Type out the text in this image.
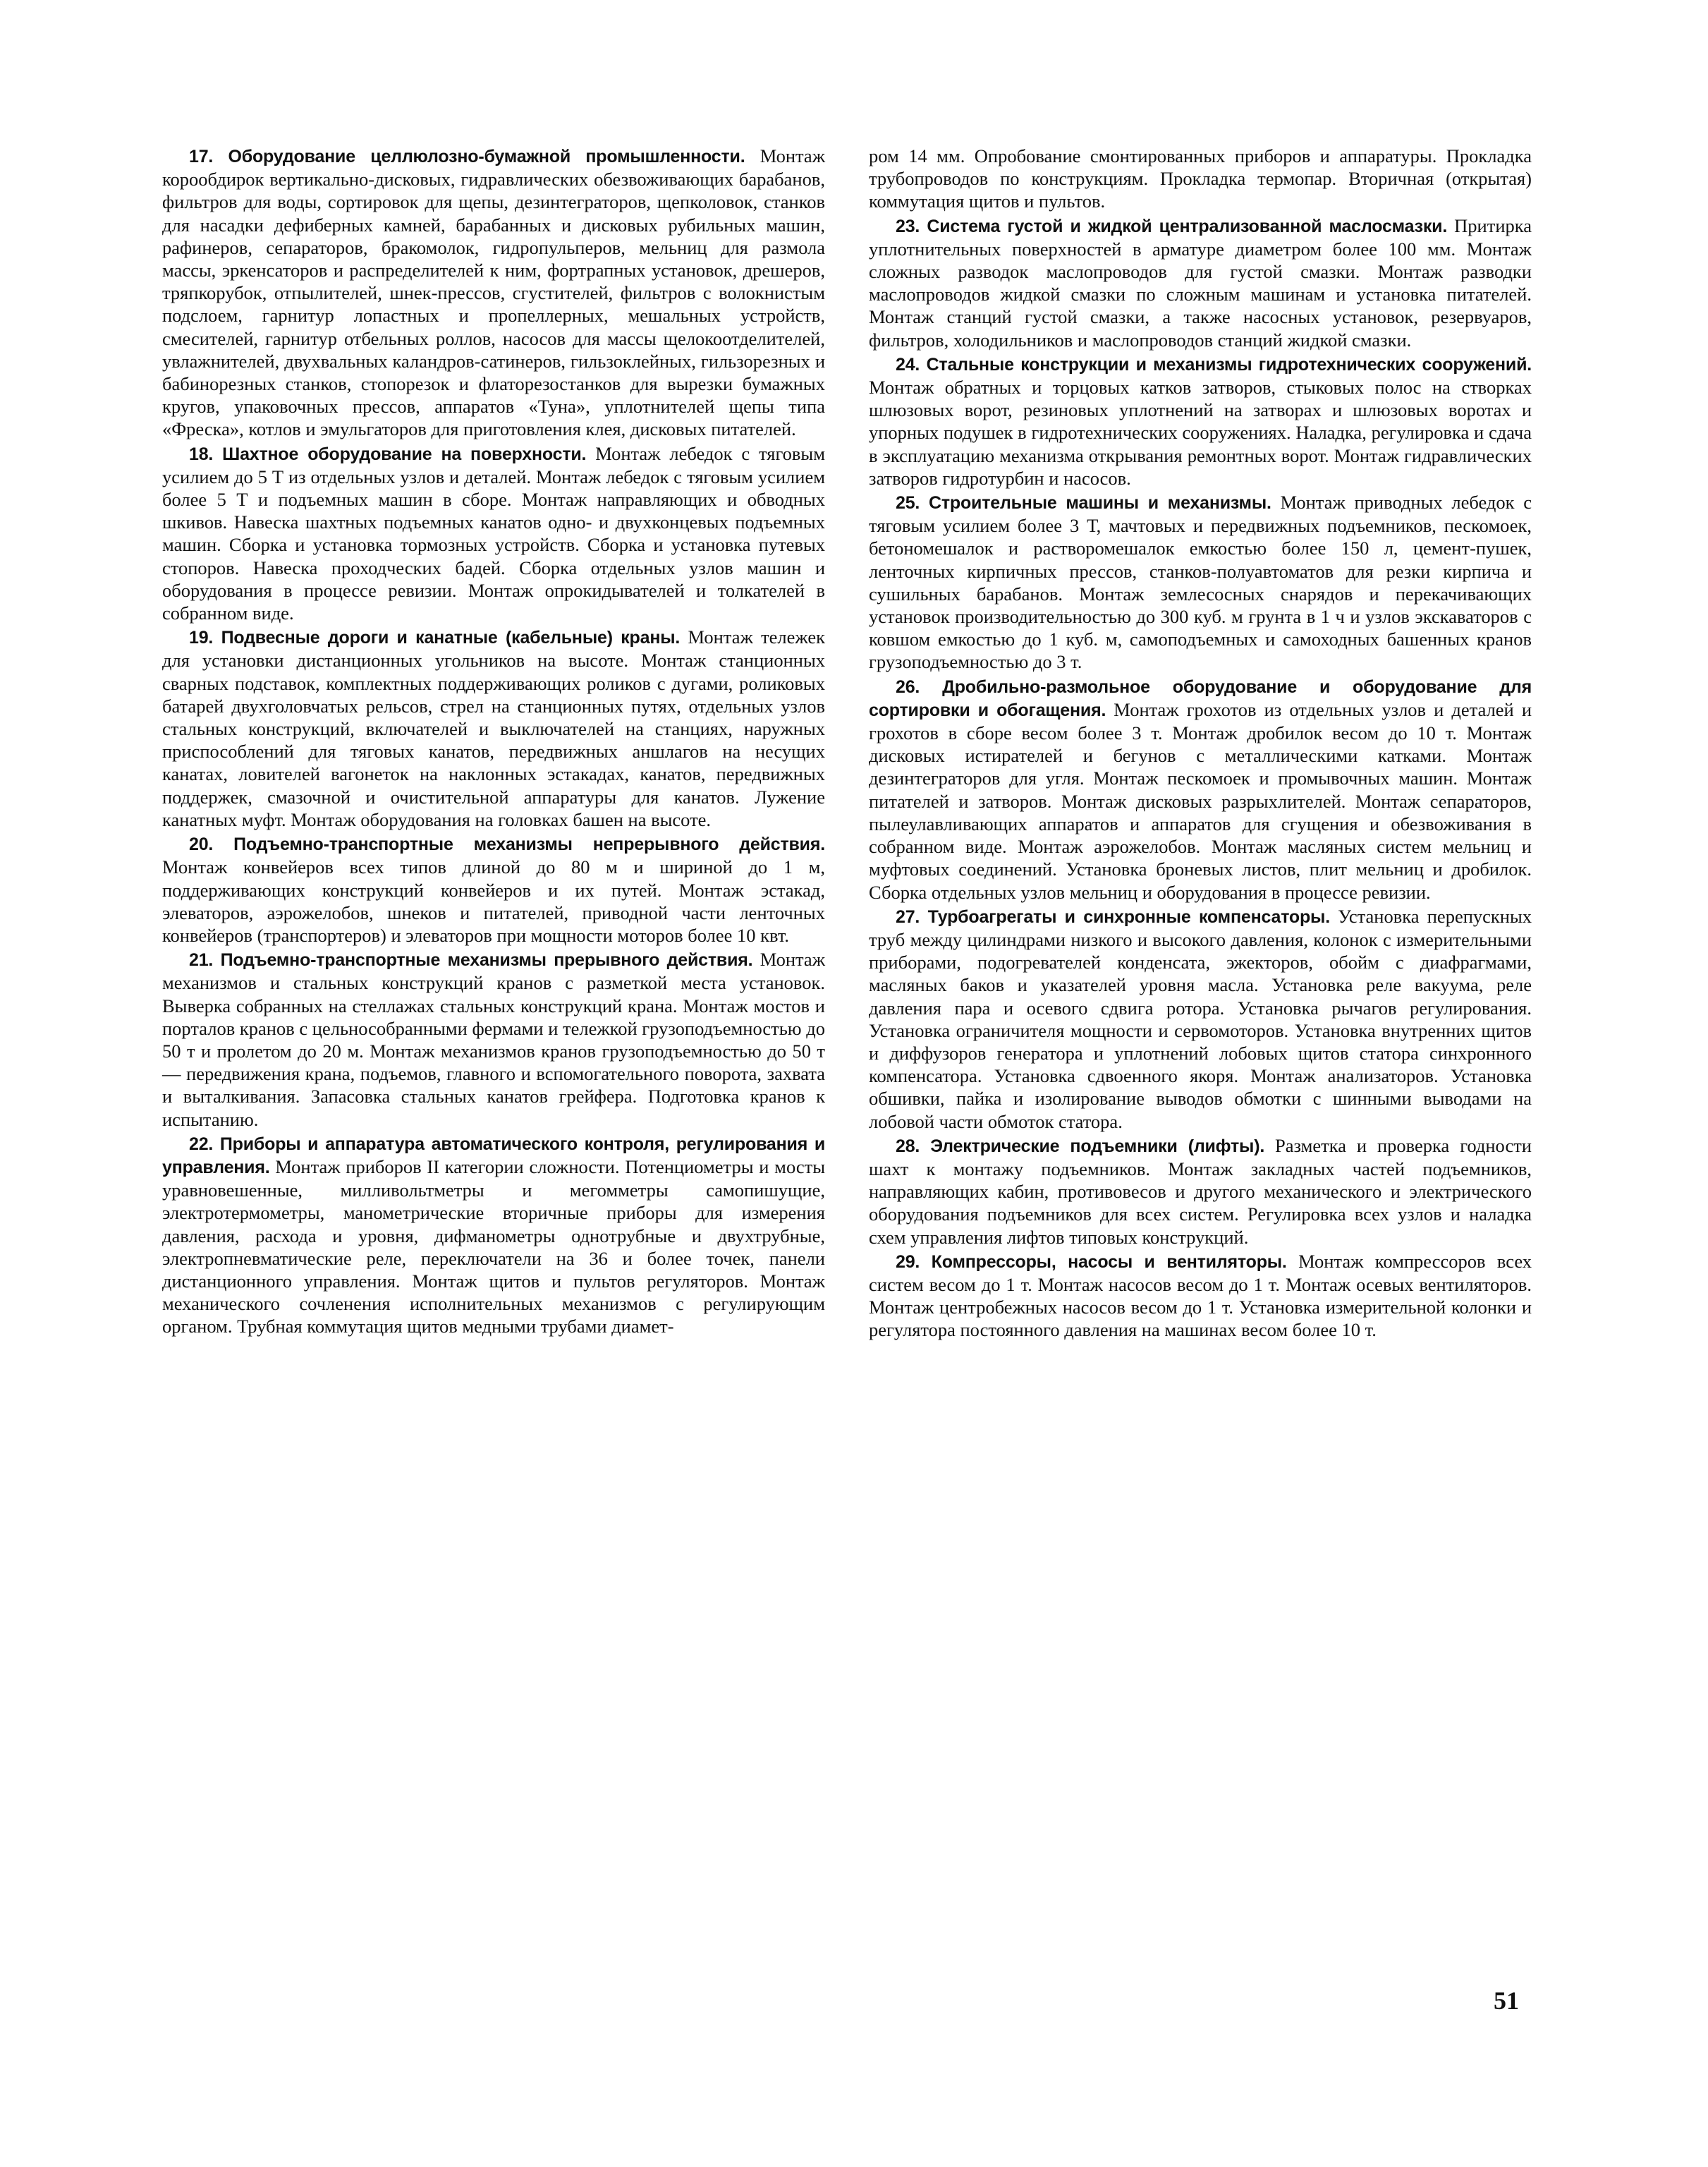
17. Оборудование целлюлозно-бумажной промышленности. Монтаж корообдирок вертикально-дисковых, гидравлических обезвоживающих барабанов, фильтров для воды, сортировок для щепы, дезинтеграторов, щепколовок, станков для насадки дефиберных камней, барабанных и дисковых рубильных машин, рафинеров, сепараторов, бракомолок, гидропульперов, мельниц для размола массы, эркенсаторов и распределителей к ним, фортрапных установок, дрешеров, тряпкорубок, отпылителей, шнек-прессов, сгустителей, фильтров с волокнистым подслоем, гарнитур лопастных и пропеллерных, мешальных устройств, смесителей, гарнитур отбельных роллов, насосов для массы щелокоотделителей, увлажнителей, двухвальных каландров-сатинеров, гильзоклейных, гильзорезных и бабинорезных станков, стопорезок и флаторезостанков для вырезки бумажных кругов, упаковочных прессов, аппаратов «Туна», уплотнителей щепы типа «Фреска», котлов и эмульгаторов для приготовления клея, дисковых питателей.

18. Шахтное оборудование на поверхности. Монтаж лебедок с тяговым усилием до 5 Т из отдельных узлов и деталей. Монтаж лебедок с тяговым усилием более 5 Т и подъемных машин в сборе. Монтаж направляющих и обводных шкивов. Навеска шахтных подъемных канатов одно- и двухконцевых подъемных машин. Сборка и установка тормозных устройств. Сборка и установка путевых стопоров. Навеска проходческих бадей. Сборка отдельных узлов машин и оборудования в процессе ревизии. Монтаж опрокидывателей и толкателей в собранном виде.

19. Подвесные дороги и канатные (кабельные) краны. Монтаж тележек для установки дистанционных угольников на высоте. Монтаж станционных сварных подставок, комплектных поддерживающих роликов с дугами, роликовых батарей двухголовчатых рельсов, стрел на станционных путях, отдельных узлов стальных конструкций, включателей и выключателей на станциях, наружных приспособлений для тяговых канатов, передвижных аншлагов на несущих канатах, ловителей вагонеток на наклонных эстакадах, канатов, передвижных поддержек, смазочной и очистительной аппаратуры для канатов. Лужение канатных муфт. Монтаж оборудования на головках башен на высоте.

20. Подъемно-транспортные механизмы непрерывного действия. Монтаж конвейеров всех типов длиной до 80 м и шириной до 1 м, поддерживающих конструкций конвейеров и их путей. Монтаж эстакад, элеваторов, аэрожелобов, шнеков и питателей, приводной части ленточных конвейеров (транспортеров) и элеваторов при мощности моторов более 10 квт.

21. Подъемно-транспортные механизмы прерывного действия. Монтаж механизмов и стальных конструкций кранов с разметкой места установок. Выверка собранных на стеллажах стальных конструкций крана. Монтаж мостов и порталов кранов с цельнособранными фермами и тележкой грузоподъемностью до 50 т и пролетом до 20 м. Монтаж механизмов кранов грузоподъемностью до 50 т — передвижения крана, подъемов, главного и вспомогательного поворота, захвата и выталкивания. Запасовка стальных канатов грейфера. Подготовка кранов к испытанию.

22. Приборы и аппаратура автоматического контроля, регулирования и управления. Монтаж приборов II категории сложности. Потенциометры и мосты уравновешенные, милливольтметры и мегомметры самопишущие, электротермометры, манометрические вторичные приборы для измерения давления, расхода и уровня, дифманометры однотрубные и двухтрубные, электропневматические реле, переключатели на 36 и более точек, панели дистанционного управления. Монтаж щитов и пультов регуляторов. Монтаж механического сочленения исполнительных механизмов с регулирующим органом. Трубная коммутация щитов медными трубами диамет-

ром 14 мм. Опробование смонтированных приборов и аппаратуры. Прокладка трубопроводов по конструкциям. Прокладка термопар. Вторичная (открытая) коммутация щитов и пультов.

23. Система густой и жидкой централизованной маслосмазки. Притирка уплотнительных поверхностей в арматуре диаметром более 100 мм. Монтаж сложных разводок маслопроводов для густой смазки. Монтаж разводки маслопроводов жидкой смазки по сложным машинам и установка питателей. Монтаж станций густой смазки, а также насосных установок, резервуаров, фильтров, холодильников и маслопроводов станций жидкой смазки.

24. Стальные конструкции и механизмы гидротехнических сооружений. Монтаж обратных и торцовых катков затворов, стыковых полос на створках шлюзовых ворот, резиновых уплотнений на затворах и шлюзовых воротах и упорных подушек в гидротехнических сооружениях. Наладка, регулировка и сдача в эксплуатацию механизма открывания ремонтных ворот. Монтаж гидравлических затворов гидротурбин и насосов.

25. Строительные машины и механизмы. Монтаж приводных лебедок с тяговым усилием более 3 Т, мачтовых и передвижных подъемников, пескомоек, бетономешалок и растворомешалок емкостью более 150 л, цемент-пушек, ленточных кирпичных прессов, станков-полуавтоматов для резки кирпича и сушильных барабанов. Монтаж землесосных снарядов и перекачивающих установок производительностью до 300 куб. м грунта в 1 ч и узлов экскаваторов с ковшом емкостью до 1 куб. м, самоподъемных и самоходных башенных кранов грузоподъемностью до 3 т.

26. Дробильно-размольное оборудование и оборудование для сортировки и обогащения. Монтаж грохотов из отдельных узлов и деталей и грохотов в сборе весом более 3 т. Монтаж дробилок весом до 10 т. Монтаж дисковых истирателей и бегунов с металлическими катками. Монтаж дезинтеграторов для угля. Монтаж пескомоек и промывочных машин. Монтаж питателей и затворов. Монтаж дисковых разрыхлителей. Монтаж сепараторов, пылеулавливающих аппаратов и аппаратов для сгущения и обезвоживания в собранном виде. Монтаж аэрожелобов. Монтаж масляных систем мельниц и муфтовых соединений. Установка броневых листов, плит мельниц и дробилок. Сборка отдельных узлов мельниц и оборудования в процессе ревизии.

27. Турбоагрегаты и синхронные компенсаторы. Установка перепускных труб между цилиндрами низкого и высокого давления, колонок с измерительными приборами, подогревателей конденсата, эжекторов, обойм с диафрагмами, масляных баков и указателей уровня масла. Установка реле вакуума, реле давления пара и осевого сдвига ротора. Установка рычагов регулирования. Установка ограничителя мощности и сервомоторов. Установка внутренних щитов и диффузоров генератора и уплотнений лобовых щитов статора синхронного компенсатора. Установка сдвоенного якоря. Монтаж анализаторов. Установка обшивки, пайка и изолирование выводов обмотки с шинными выводами на лобовой части обмоток статора.

28. Электрические подъемники (лифты). Разметка и проверка годности шахт к монтажу подъемников. Монтаж закладных частей подъемников, направляющих кабин, противовесов и другого механического и электрического оборудования подъемников для всех систем. Регулировка всех узлов и наладка схем управления лифтов типовых конструкций.

29. Компрессоры, насосы и вентиляторы. Монтаж компрессоров всех систем весом до 1 т. Монтаж насосов весом до 1 т. Монтаж осевых вентиляторов. Монтаж центробежных насосов весом до 1 т. Установка измерительной колонки и регулятора постоянного давления на машинах весом более 10 т.

51
